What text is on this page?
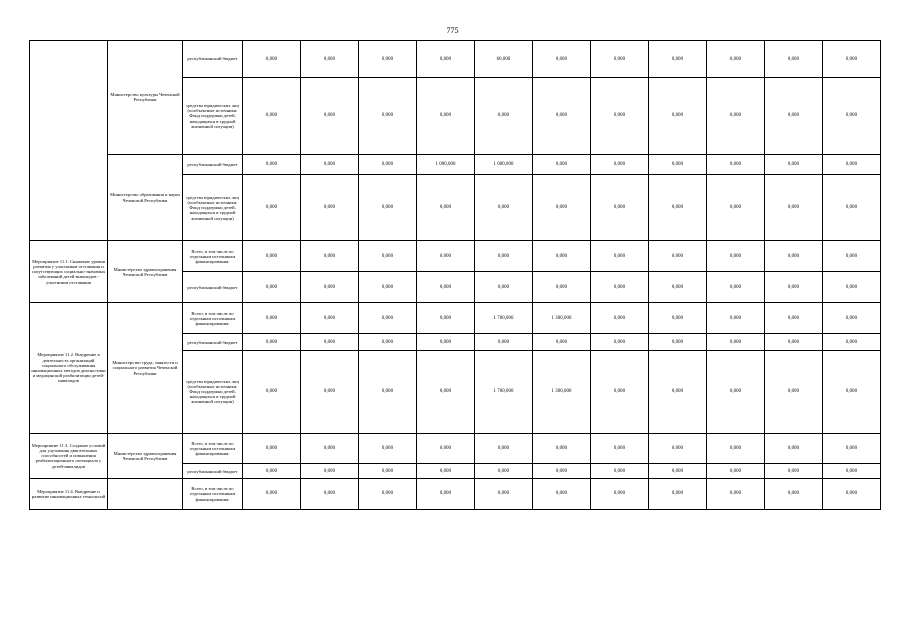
775
	Министерство культуры Чеченской Республики	республиканский бюджет	0,000	0,000	0,000	0,000	60,000	0,000	0,000	0,000	0,000	0,000	0,000
		средства юридических лиц (пообъектные источники: Фонд поддержки детей, находящихся в трудной жизненной ситуации)	0,000	0,000	0,000	0,000	0,000	0,000	0,000	0,000	0,000	0,000	0,000
	Министерство образования и науки Чеченской Республики	республиканский бюджет	0,000	0,000	0,000	1 000,000	1 000,000	0,000	0,000	0,000	0,000	0,000	0,000
		средства юридических лиц (пообъектные источники: Фонд поддержки детей, находящихся в трудной жизненной ситуации)	0,000	0,000	0,000	0,000	0,000	0,000	0,000	0,000	0,000	0,000	0,000
Мероприятие 11.1. Снижение уровня развития у участников отставания и сопутствующих социально-значимых заболеваний детей-инвалидов - участников отставания	Министерство здравоохранения Чеченской Республики	Всего, в том числе по отдельным источникам финансирования:	0,000	0,000	0,000	0,000	0,000	0,000	0,000	0,000	0,000	0,000	0,000
		республиканский бюджет	0,000	0,000	0,000	0,000	0,000	0,000	0,000	0,000	0,000	0,000	0,000
Мероприятие 11.2. Внедрение в деятельность организаций социального обслуживания инновационных методов диагностики и медицинской реабилитации детей-инвалидов	Министерство труда, занятости и социального развития Чеченской Республики	Всего, в том числе по отдельным источникам финансирования:	0,000	0,000	0,000	0,000	1 700,000	1 300,000	0,000	0,000	0,000	0,000	0,000
		республиканский бюджет	0,000	0,000	0,000	0,000	0,000	0,000	0,000	0,000	0,000	0,000	0,000
		средства юридических лиц (пообъектные источники: Фонд поддержки детей, находящихся в трудной жизненной ситуации)	0,000	0,000	0,000	0,000	1 700,000	1 300,000	0,000	0,000	0,000	0,000	0,000
Мероприятие 11.3. Создание условий для улучшения двигательных способностей и повышения реабилитационного потенциала у детей-инвалидов	Министерство здравоохранения Чеченской Республики	Всего, в том числе по отдельным источникам финансирования:	0,000	0,000	0,000	0,000	0,000	0,000	0,000	0,000	0,000	0,000	0,000
		республиканский бюджет	0,000	0,000	0,000	0,000	0,000	0,000	0,000	0,000	0,000	0,000	0,000
Мероприятие 11.4. Внедрение и развитие инновационных технологий		Всего, в том числе по отдельным источникам финансирования:	0,000	0,000	0,000	0,000	0,000	0,000	0,000	0,000	0,000	0,000	0,000
